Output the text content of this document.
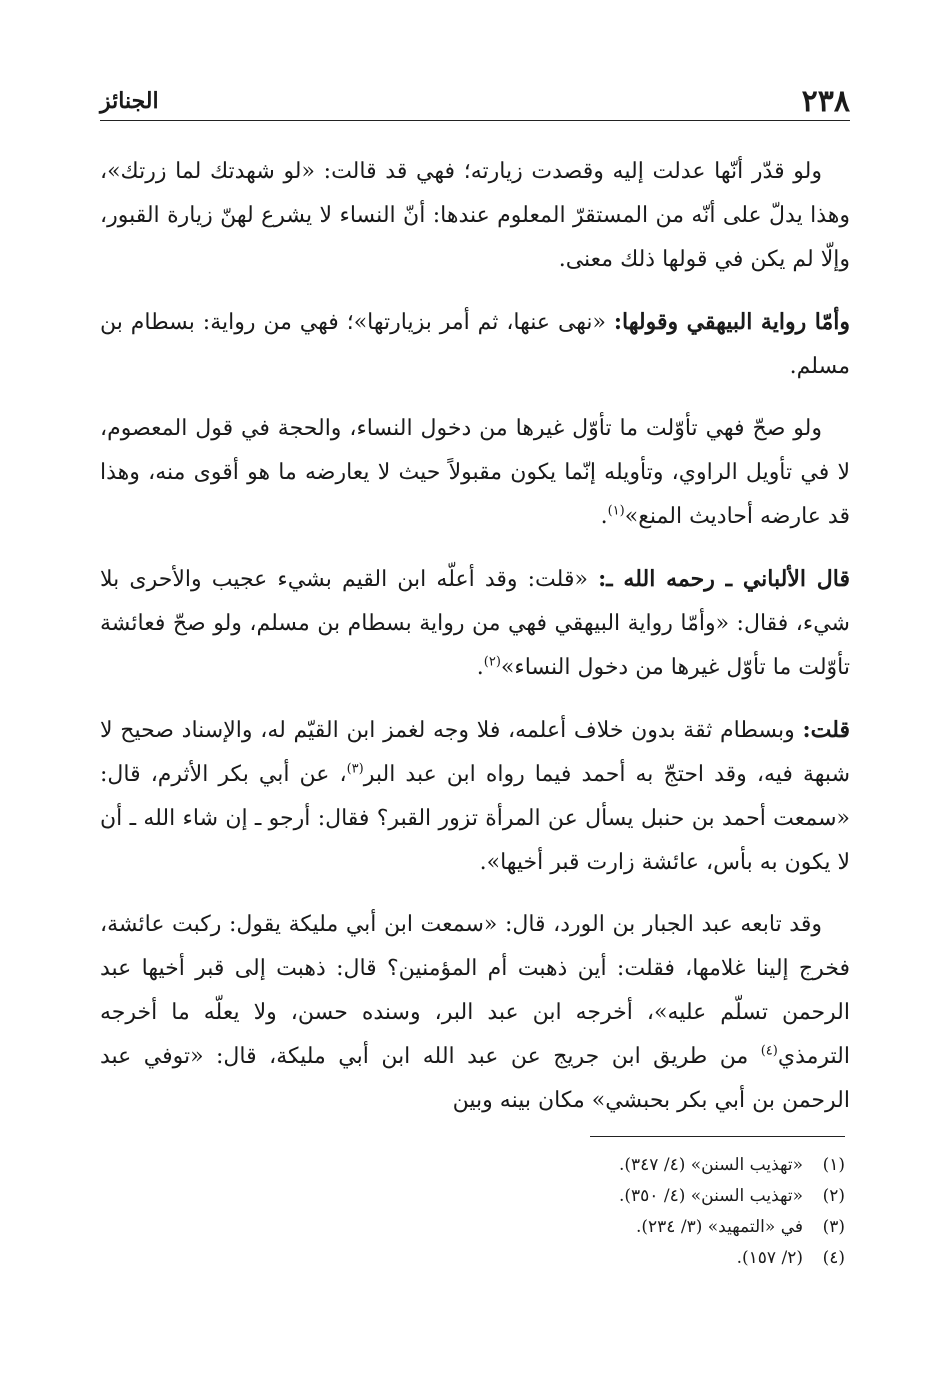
٢٣٨
الجنائز

ولو قدّر أنّها عدلت إليه وقصدت زيارته؛ فهي قد قالت: «لو شهدتك لما زرتك»، وهذا يدلّ على أنّه من المستقرّ المعلوم عندها: أنّ النساء لا يشرع لهنّ زيارة القبور، وإلّا لم يكن في قولها ذلك معنى.

وأمّا رواية البيهقي وقولها: «نهى عنها، ثم أمر بزيارتها»؛ فهي من رواية: بسطام بن مسلم.

ولو صحّ فهي تأوّلت ما تأوّل غيرها من دخول النساء، والحجة في قول المعصوم، لا في تأويل الراوي، وتأويله إنّما يكون مقبولاً حيث لا يعارضه ما هو أقوى منه، وهذا قد عارضه أحاديث المنع»$^{(١)}$.

قال الألباني ـ رحمه الله ـ: «قلت: وقد أعلّه ابن القيم بشيء عجيب والأحرى بلا شيء، فقال: «وأمّا رواية البيهقي فهي من رواية بسطام بن مسلم، ولو صحّ فعائشة تأوّلت ما تأوّل غيرها من دخول النساء»$^{(٢)}$.

قلت: وبسطام ثقة بدون خلاف أعلمه، فلا وجه لغمز ابن القيّم له، والإسناد صحيح لا شبهة فيه، وقد احتجّ به أحمد فيما رواه ابن عبد البر$^{(٣)}$، عن أبي بكر الأثرم، قال: «سمعت أحمد بن حنبل يسأل عن المرأة تزور القبر؟ فقال: أرجو ـ إن شاء الله ـ أن لا يكون به بأس، عائشة زارت قبر أخيها».

وقد تابعه عبد الجبار بن الورد، قال: «سمعت ابن أبي مليكة يقول: ركبت عائشة، فخرج إلينا غلامها، فقلت: أين ذهبت أم المؤمنين؟ قال: ذهبت إلى قبر أخيها عبد الرحمن تسلّم عليه»، أخرجه ابن عبد البر، وسنده حسن، ولا يعلّه ما أخرجه الترمذي$^{(٤)}$ من طريق ابن جريج عن عبد الله ابن أبي مليكة، قال: «توفي عبد الرحمن بن أبي بكر بحبشي» مكان بينه وبين

(١)
«تهذيب السنن» (٤/ ٣٤٧).
(٢)
«تهذيب السنن» (٤/ ٣٥٠).
(٣)
في «التمهيد» (٣/ ٢٣٤).
(٤)
(٢/ ١٥٧).
